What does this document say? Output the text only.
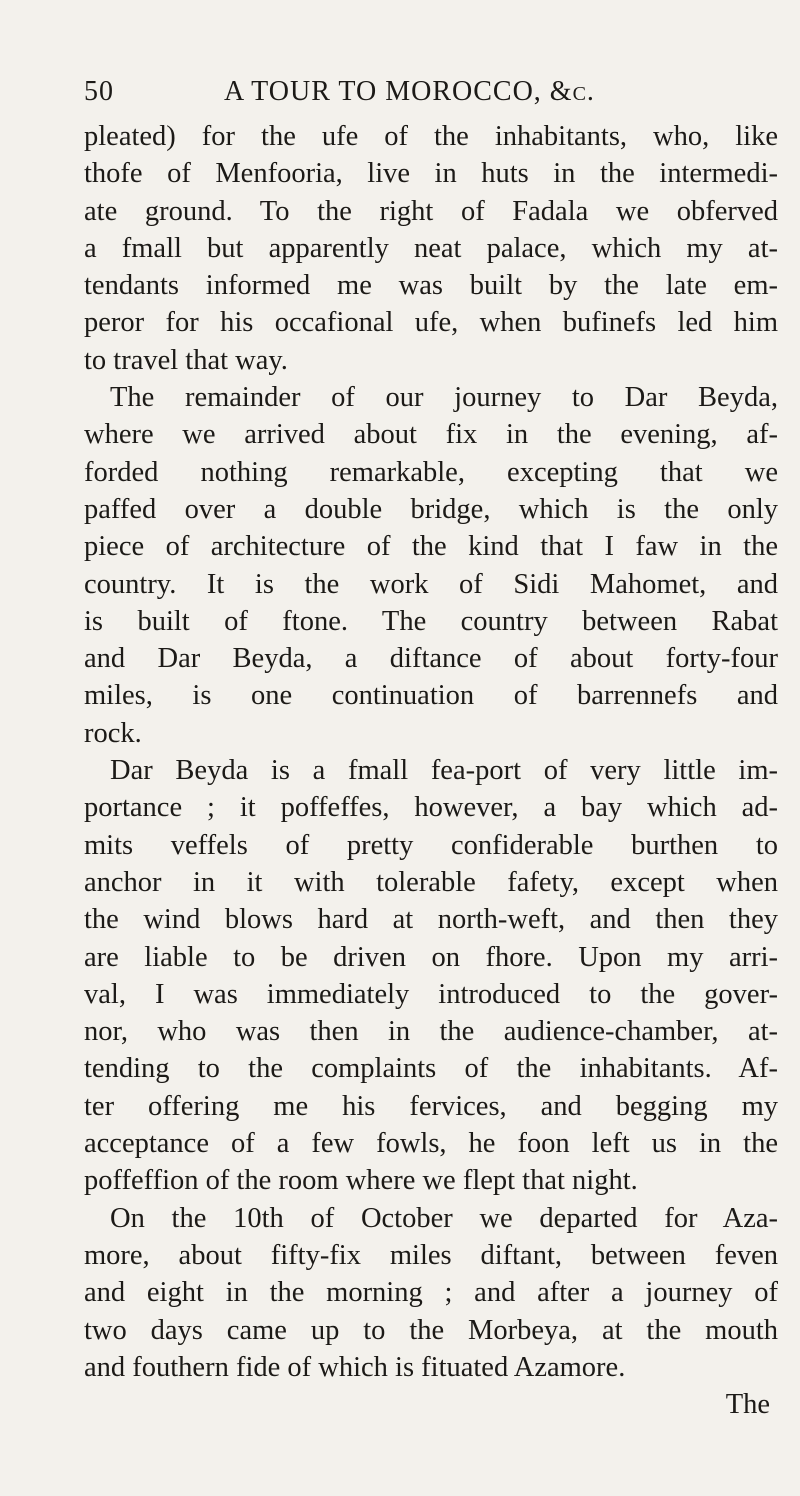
50	A TOUR TO MOROCCO, &c.
pleated) for the ufe of the inhabitants, who, like
thofe of Menfooria, live in huts in the intermedi-
ate ground. To the right of Fadala we obferved
a fmall but apparently neat palace, which my at-
tendants informed me was built by the late em-
peror for his occafional ufe, when bufinefs led him
to travel that way.
The remainder of our journey to Dar Beyda,
where we arrived about fix in the evening, af-
forded nothing remarkable, excepting that we
paffed over a double bridge, which is the only
piece of architecture of the kind that I faw in the
country. It is the work of Sidi Mahomet, and
is built of ftone. The country between Rabat
and Dar Beyda, a diftance of about forty-four
miles, is one continuation of barrennefs and
rock.
Dar Beyda is a fmall fea-port of very little im-
portance ; it poffeffes, however, a bay which ad-
mits veffels of pretty confiderable burthen to
anchor in it with tolerable fafety, except when
the wind blows hard at north-weft, and then they
are liable to be driven on fhore. Upon my arri-
val, I was immediately introduced to the gover-
nor, who was then in the audience-chamber, at-
tending to the complaints of the inhabitants. Af-
ter offering me his fervices, and begging my
acceptance of a few fowls, he foon left us in the
poffeffion of the room where we flept that night.
On the 10th of October we departed for Aza-
more, about fifty-fix miles diftant, between feven
and eight in the morning ; and after a journey of
two days came up to the Morbeya, at the mouth
and fouthern fide of which is fituated Azamore.
The
